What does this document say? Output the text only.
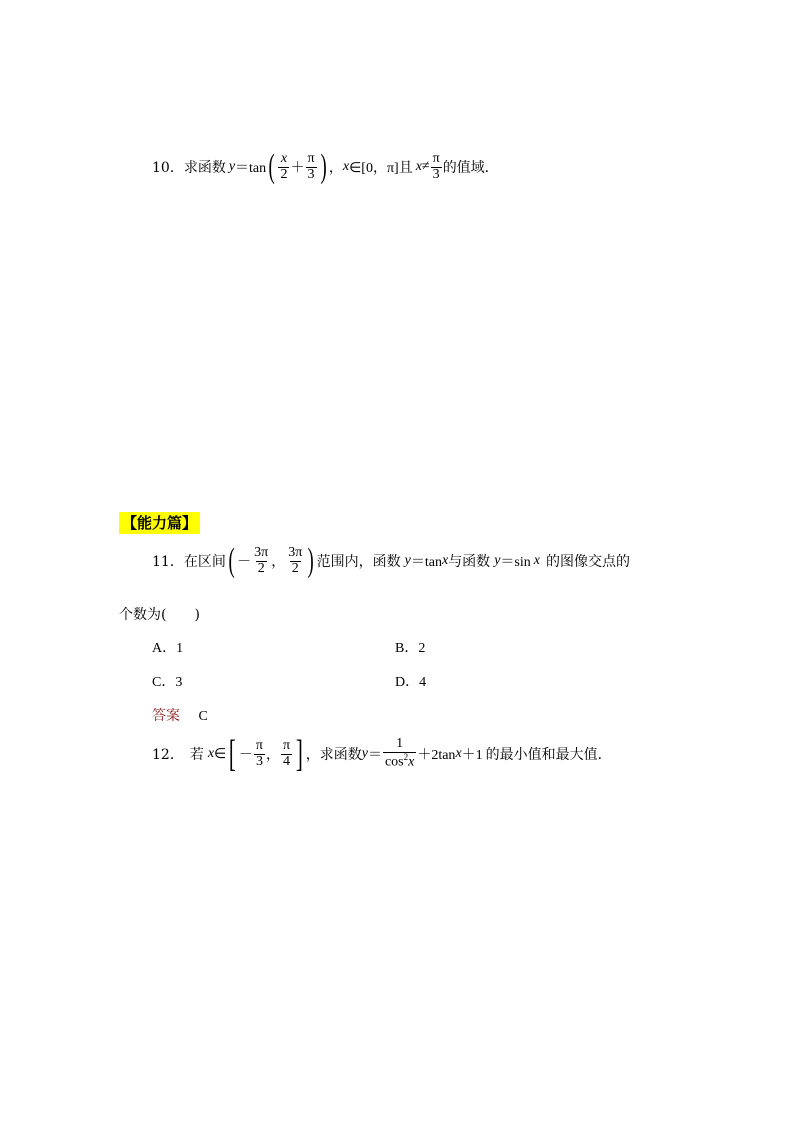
10． 求函数 y ＝tan ( $\frac{x}{2} + \frac{\pi}{3}$ ) ， x ∈[0，π]且 $x \ne \frac{\pi}{3}$ 的值域．
【能力篇】
11． 在区间 ( － $\frac{3\pi}{2}$ ， $\frac{3\pi}{2}$ ) 范围内，函数 y ＝tan x 与函数 y ＝sin x 的图像交点的
个数为(　　)
A．1	B．2
C．3	D．4
答案 C
12． 若 x ∈ [ － $\frac{\pi}{3}$ ， $\frac{\pi}{4}$ ] ，求函数 $y = \frac{1}{\cos^2x} +2\tan$ x ＋1 的最小值和最大值．
